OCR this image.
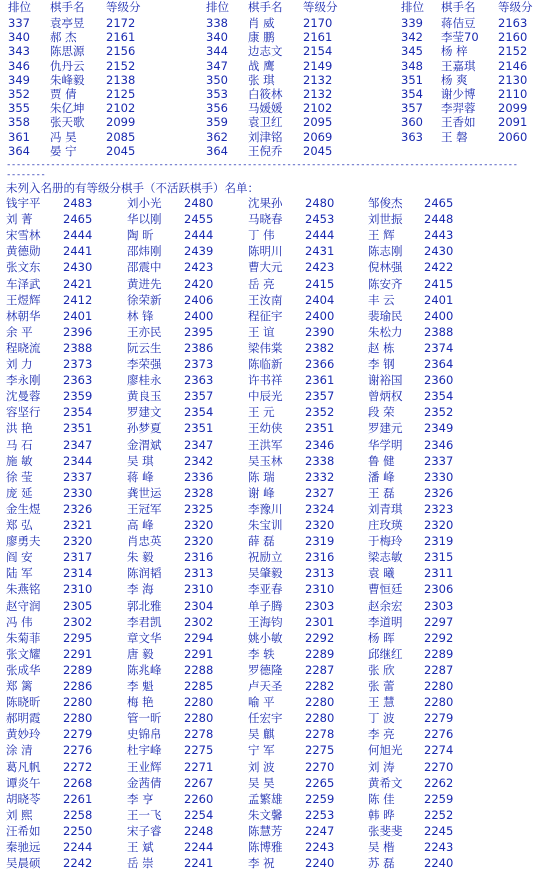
排位 棋手名 等级分	排位 棋手名 等级分	排位 棋手名 等级分
337 袁亭昱 2172	338 肖 威 2170	339 蒋佶豆 2163
340 郝 杰	2161	340 康 鹏 2161	342 李莹70 2160
343 陈思源 2156	344 边志文 2154	345 杨 梓	2152
346 仇丹云 2152	347 战 鹰 2149	348 王嘉琪 2146
349 朱峰毅 2138	350 张 琪 2132	351 杨 爽	2130
352 贾 倩	2125	353 白筱林 2132	354 谢少博 2110
355 朱亿坤 2102	356 马媛媛 2102	357 李羿蓉 2099
358 张天歌 2099	359 袁卫红 2095	360 王香如 2091
361 冯 昊	2085	362 刘津铭 2069	363 王 磐	2060
364 晏 宁	2045	364 王倪乔 2045
----------------------------------------------------------------------------------------------------------------
未列入名册的有等级分棋手（不活跃棋手）名单：
钱宇平 2483	刘小光 2480	沈果孙 2480	邹俊杰 2465
刘 菁	2465	华以刚 2455	马晓春 2453	刘世振 2448
宋雪林 2444	陶 昕	2444	丁 伟	2444	王 辉	2443
黄德勋 2441	邵炜刚 2439	陈明川 2431	陈志刚 2430
张文东 2430	邵震中 2423	曹大元 2423	倪林强 2422
车泽武 2421	黄进先 2420	岳 亮	2415	陈安齐 2415
王煜辉 2412	徐荣新 2406	王汝南 2404	丰 云	2401
林朝华 2401	林 锋	2400	程征宇 2400	裴瑜民 2400
余 平	2396	王亦民 2395	王 谊	2390	朱松力 2388
程晓流 2388	阮云生 2386	梁伟棠 2382	赵 栋	2374
刘 力	2373	李荣强 2373	陈临新 2366	李 钢	2364
李永刚 2363	廖桂永 2363	许书祥 2361	谢裕国 2360
沈曼蓉 2359	黄良玉 2357	中辰光 2357	曾炳权 2354
容坚行 2354	罗建文 2354	王 元	2352	段 荣	2352
洪 艳	2351	孙梦夏 2351	王幼侠 2351	罗建元 2349
马 石	2347	金渭斌 2347	王洪军 2346	华学明 2346
施 敏	2344	吴 琪	2342	吴玉林 2338	鲁 健	2337
徐 莹	2337	蒋 峰	2336	陈 瑞	2332	潘 峰	2330
庞 延	2330	龚世运 2328	谢 峰	2327	王 磊	2326
金生煜 2326	王冠军 2325	李豫川 2324	刘青琪 2323
郑 弘	2321	高 峰	2320	朱宝训 2320	庄玫瑛 2320
廖勇夫 2320	肖忠英 2320	薛 磊	2319	于梅玲 2319
阎 安	2317	朱 毅	2316	祝励立 2316	梁志敏 2315
陆 军	2314	陈润韬 2313	吴肇毅 2313	袁 曦	2311
朱燕铭 2310	李 海	2310	李亚春 2310	曹恒廷 2306
赵守润 2305	郭北雅 2304	单子腾 2303	赵余宏 2303
冯 伟	2302	李君凯 2302	王海钧 2301	李道明 2297
朱菊菲 2295	章文华 2294	姚小敏 2292	杨 晖	2292
张文耀 2291	唐 毅	2291	李 轶	2289	邱继红 2289
张成华 2289	陈兆峰 2288	罗德隆 2287	张 欣	2287
郑 篱	2286	李 魁	2285	卢天圣 2282	张 蕾	2280
陈晓昕 2280	梅 艳	2280	喻 平	2280	王 慧	2280
郝明霞 2280	管一昕 2280	任宏宇 2280	丁 波	2279
黄妙玲 2279	史锦帛 2278	吴 麒	2278	李 亮	2276
涂 清	2276	杜宇峰 2275	宁 军	2275	何旭光 2274
葛凡帆 2272	王业辉 2271	刘 波	2270	刘 涛	2270
谭炎午 2268	金茜倩 2267	吴 昊	2265	黄希文 2262
胡晓苓 2261	李 亨	2260	孟繁雄 2259	陈 佳	2259
刘 熙	2258	王一飞 2254	朱文馨 2253	韩 晔	2252
汪希如 2250	宋子睿 2248	陈慧芳 2247	张斐斐 2245
秦驰远 2244	王 斌	2244	陈博雅 2243	吴 楷	2243
吴晨硕 2242	岳 崇	2241	李 祝	2240	苏 磊	2240
